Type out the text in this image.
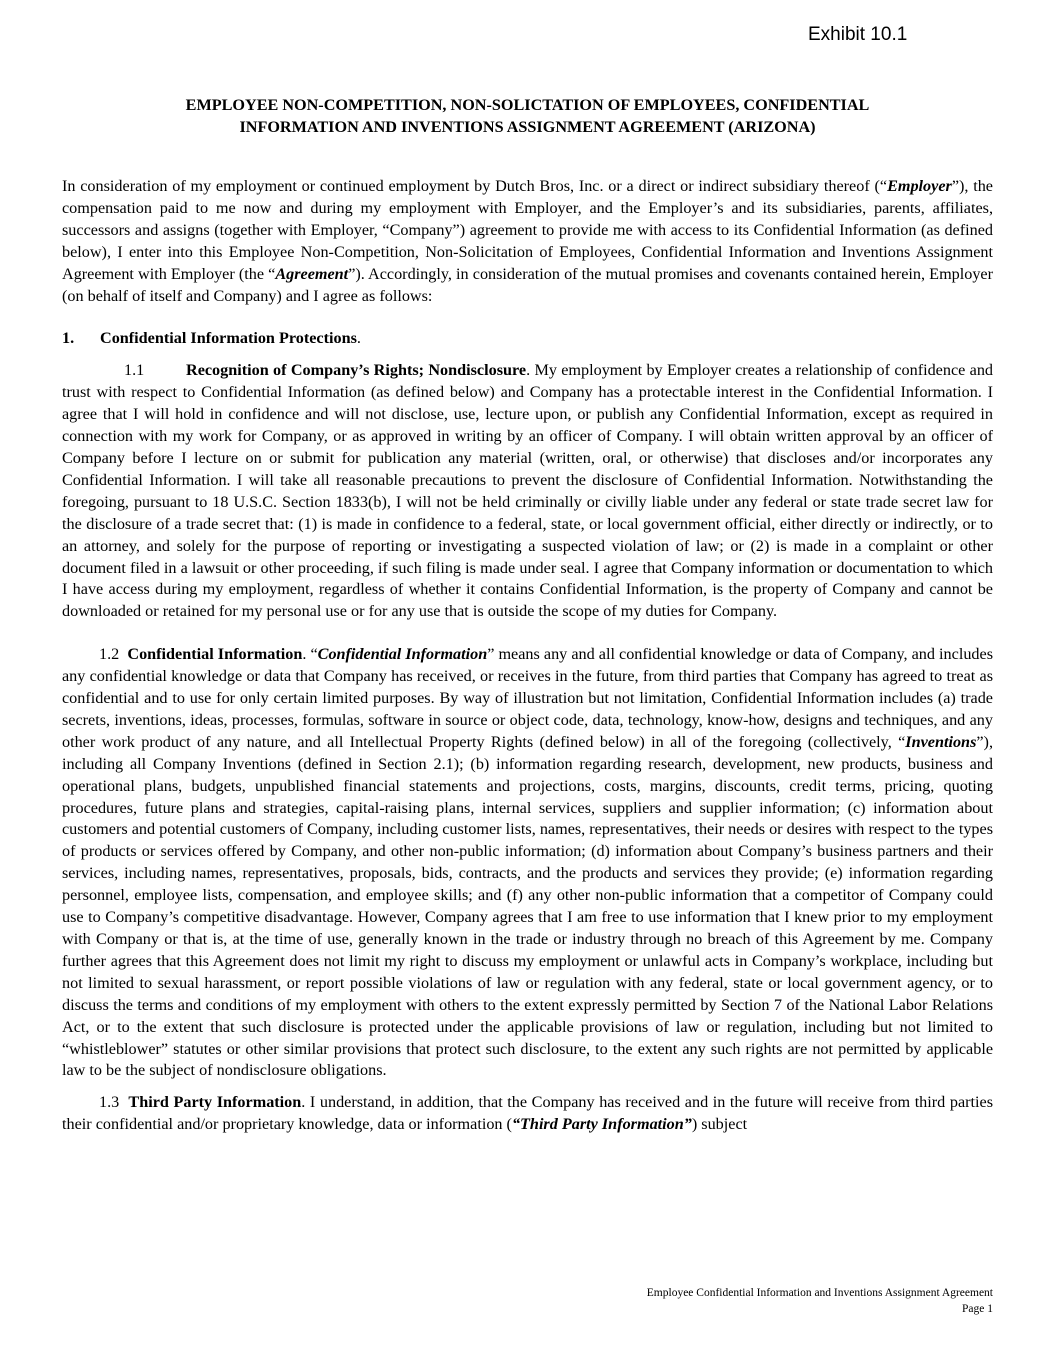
Exhibit 10.1
EMPLOYEE NON-COMPETITION, NON-SOLICTATION OF EMPLOYEES, CONFIDENTIAL
INFORMATION AND INVENTIONS ASSIGNMENT AGREEMENT (ARIZONA)

In consideration of my employment or continued employment by Dutch Bros, Inc. or a direct or indirect subsidiary thereof (“Employer”), the compensation paid to me now and during my employment with Employer, and the Employer’s and its subsidiaries, parents, affiliates, successors and assigns (together with Employer, “Company”) agreement to provide me with access to its Confidential Information (as defined below), I enter into this Employee Non-Competition, Non-Solicitation of Employees, Confidential Information and Inventions Assignment Agreement with Employer (the “Agreement”). Accordingly, in consideration of the mutual promises and covenants contained herein, Employer (on behalf of itself and Company) and I agree as follows:

1. Confidential Information Protections.

1.1	Recognition of Company’s Rights; Nondisclosure. My employment by Employer creates a relationship of confidence and trust with respect to Confidential Information (as defined below) and Company has a protectable interest in the Confidential Information. I agree that I will hold in confidence and will not disclose, use, lecture upon, or publish any Confidential Information, except as required in connection with my work for Company, or as approved in writing by an officer of Company. I will obtain written approval by an officer of Company before I lecture on or submit for publication any material (written, oral, or otherwise) that discloses and/or incorporates any Confidential Information. I will take all reasonable precautions to prevent the disclosure of Confidential Information. Notwithstanding the foregoing, pursuant to 18 U.S.C. Section 1833(b), I will not be held criminally or civilly liable under any federal or state trade secret law for the disclosure of a trade secret that: (1) is made in confidence to a federal, state, or local government official, either directly or indirectly, or to an attorney, and solely for the purpose of reporting or investigating a suspected violation of law; or (2) is made in a complaint or other document filed in a lawsuit or other proceeding, if such filing is made under seal. I agree that Company information or documentation to which I have access during my employment, regardless of whether it contains Confidential Information, is the property of Company and cannot be downloaded or retained for my personal use or for any use that is outside the scope of my duties for Company.

1.2 Confidential Information. “Confidential Information” means any and all confidential knowledge or data of Company, and includes any confidential knowledge or data that Company has received, or receives in the future, from third parties that Company has agreed to treat as confidential and to use for only certain limited purposes. By way of illustration but not limitation, Confidential Information includes (a) trade secrets, inventions, ideas, processes, formulas, software in source or object code, data, technology, know-how, designs and techniques, and any other work product of any nature, and all Intellectual Property Rights (defined below) in all of the foregoing (collectively, “Inventions”), including all Company Inventions (defined in Section 2.1); (b) information regarding research, development, new products, business and operational plans, budgets, unpublished financial statements and projections, costs, margins, discounts, credit terms, pricing, quoting procedures, future plans and strategies, capital-raising plans, internal services, suppliers and supplier information; (c) information about customers and potential customers of Company, including customer lists, names, representatives, their needs or desires with respect to the types of products or services offered by Company, and other non-public information; (d) information about Company’s business partners and their services, including names, representatives, proposals, bids, contracts, and the products and services they provide; (e) information regarding personnel, employee lists, compensation, and employee skills; and (f) any other non-public information that a competitor of Company could use to Company’s competitive disadvantage. However, Company agrees that I am free to use information that I knew prior to my employment with Company or that is, at the time of use, generally known in the trade or industry through no breach of this Agreement by me. Company further agrees that this Agreement does not limit my right to discuss my employment or unlawful acts in Company’s workplace, including but not limited to sexual harassment, or report possible violations of law or regulation with any federal, state or local government agency, or to discuss the terms and conditions of my employment with others to the extent expressly permitted by Section 7 of the National Labor Relations Act, or to the extent that such disclosure is protected under the applicable provisions of law or regulation, including but not limited to “whistleblower” statutes or other similar provisions that protect such disclosure, to the extent any such rights are not permitted by applicable law to be the subject of nondisclosure obligations.

1.3 Third Party Information. I understand, in addition, that the Company has received and in the future will receive from third parties their confidential and/or proprietary knowledge, data or information (“Third Party Information”) subject

Employee Confidential Information and Inventions Assignment Agreement
Page 1
